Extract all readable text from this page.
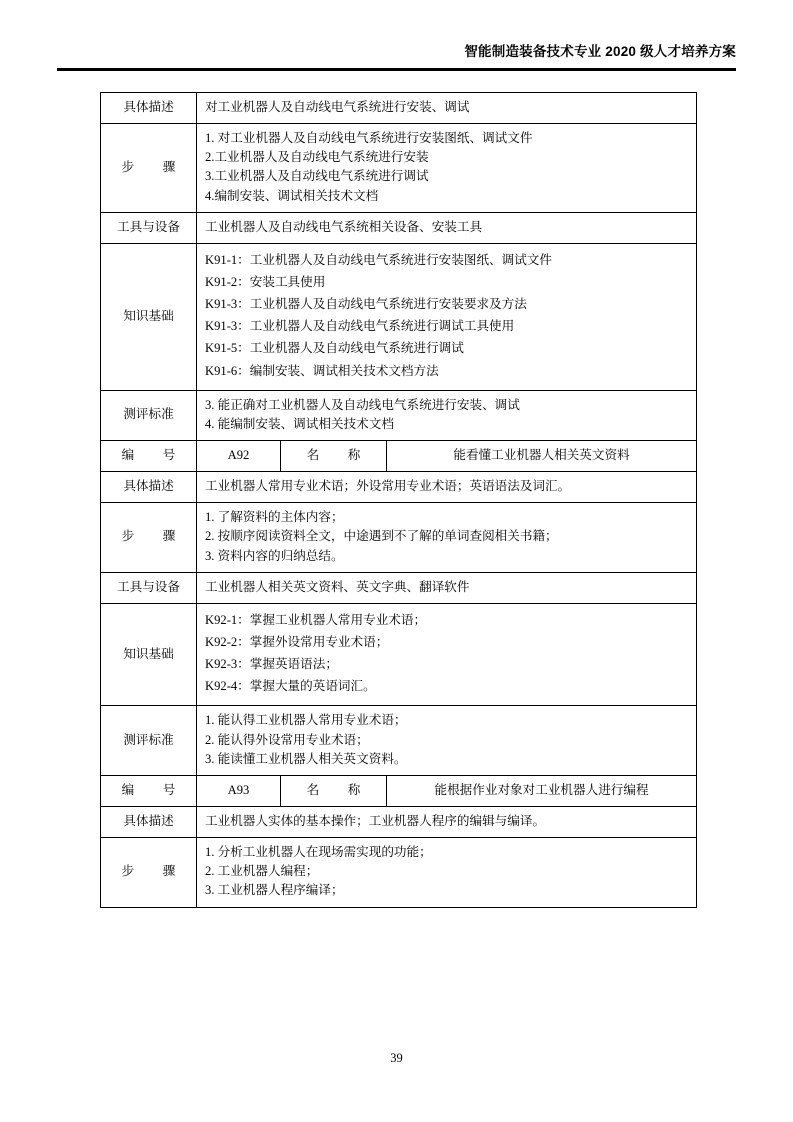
智能制造装备技术专业 2020 级人才培养方案
具体描述	对工业机器人及自动线电气系统进行安装、调试		
步　骤	1. 对工业机器人及自动线电气系统进行安装图纸、调试文件
2.工业机器人及自动线电气系统进行安装
3.工业机器人及自动线电气系统进行调试
4.编制安装、调试相关技术文档		

工具与设备	工业机器人及自动线电气系统相关设备、安装工具		
知识基础	
K91-1：工业机器人及自动线电气系统进行安装图纸、调试文件
K91-2：安装工具使用
K91-3：工业机器人及自动线电气系统进行安装要求及方法
K91-3：工业机器人及自动线电气系统进行调试工具使用
K91-5：工业机器人及自动线电气系统进行调试
K91-6：编制安装、调试相关技术文档方法

测评标准	3. 能正确对工业机器人及自动线电气系统进行安装、调试
4. 能编制安装、调试相关技术文档		

编　号	A92	名　称	能看懂工业机器人相关英文资料
具体描述	工业机器人常用专业术语；外设常用专业术语；英语语法及词汇。		
步　骤	1. 了解资料的主体内容；
2. 按顺序阅读资料全文，中途遇到不了解的单词查阅相关书籍；
3. 资料内容的归纳总结。		

工具与设备	工业机器人相关英文资料、英文字典、翻译软件		
知识基础	K92-1：掌握工业机器人常用专业术语；
K92-2：掌握外设常用专业术语；
K92-3：掌握英语语法；
K92-4：掌握大量的英语词汇。		

测评标准	1. 能认得工业机器人常用专业术语；
2. 能认得外设常用专业术语；
3. 能读懂工业机器人相关英文资料。		

编　号	A93	名　称	能根据作业对象对工业机器人进行编程
具体描述	工业机器人实体的基本操作；工业机器人程序的编辑与编译。		
步　骤	1. 分析工业机器人在现场需实现的功能；
2. 工业机器人编程；
3. 工业机器人程序编译；		
39
